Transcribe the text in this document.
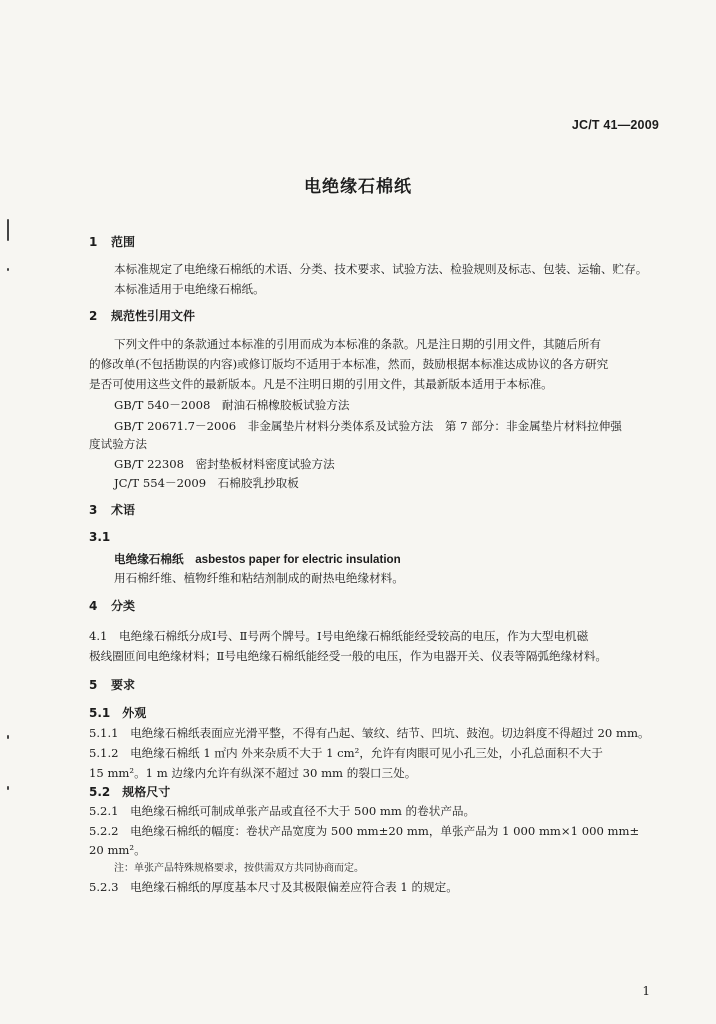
JC/T 41—2009
电绝缘石棉纸
1 范围
本标准规定了电绝缘石棉纸的术语、分类、技术要求、试验方法、检验规则及标志、包装、运输、贮存。
本标准适用于电绝缘石棉纸。
2 规范性引用文件
下列文件中的条款通过本标准的引用而成为本标准的条款。凡是注日期的引用文件，其随后所有
的修改单(不包括勘误的内容)或修订版均不适用于本标准，然而，鼓励根据本标准达成协议的各方研究
是否可使用这些文件的最新版本。凡是不注明日期的引用文件，其最新版本适用于本标准。
GB/T 540－2008　耐油石棉橡胶板试验方法
GB/T 20671.7－2006　非金属垫片材料分类体系及试验方法　第 7 部分：非金属垫片材料拉伸强
度试验方法
GB/T 22308　密封垫板材料密度试验方法
JC/T 554－2009　石棉胶乳抄取板
3 术语
3.1
电绝缘石棉纸　 asbestos paper for electric insulation
用石棉纤维、植物纤维和粘结剂制成的耐热电绝缘材料。
4 分类
4.1　电绝缘石棉纸分成Ⅰ号、Ⅱ号两个牌号。Ⅰ号电绝缘石棉纸能经受较高的电压，作为大型电机磁
极线圈匝间电绝缘材料；Ⅱ号电绝缘石棉纸能经受一般的电压，作为电器开关、仪表等隔弧绝缘材料。
5 要求
5.1　外观
5.1.1　电绝缘石棉纸表面应光滑平整，不得有凸起、皱纹、结节、凹坑、鼓泡。切边斜度不得超过 20 mm。
5.1.2　电绝缘石棉纸 1 ㎡内 外来杂质不大于 1 cm²，允许有肉眼可见小孔三处，小孔总面积不大于
15 mm²。1 m 边缘内允许有纵深不超过 30 mm 的裂口三处。
5.2　规格尺寸
5.2.1　电绝缘石棉纸可制成单张产品或直径不大于 500 mm 的卷状产品。
5.2.2　电绝缘石棉纸的幅度：卷状产品宽度为 500 mm±20 mm，单张产品为 1 000 mm×1 000 mm±
20 mm²。
注：单张产品特殊规格要求，按供需双方共同协商而定。
5.2.3　电绝缘石棉纸的厚度基本尺寸及其极限偏差应符合表 1 的规定。
1
